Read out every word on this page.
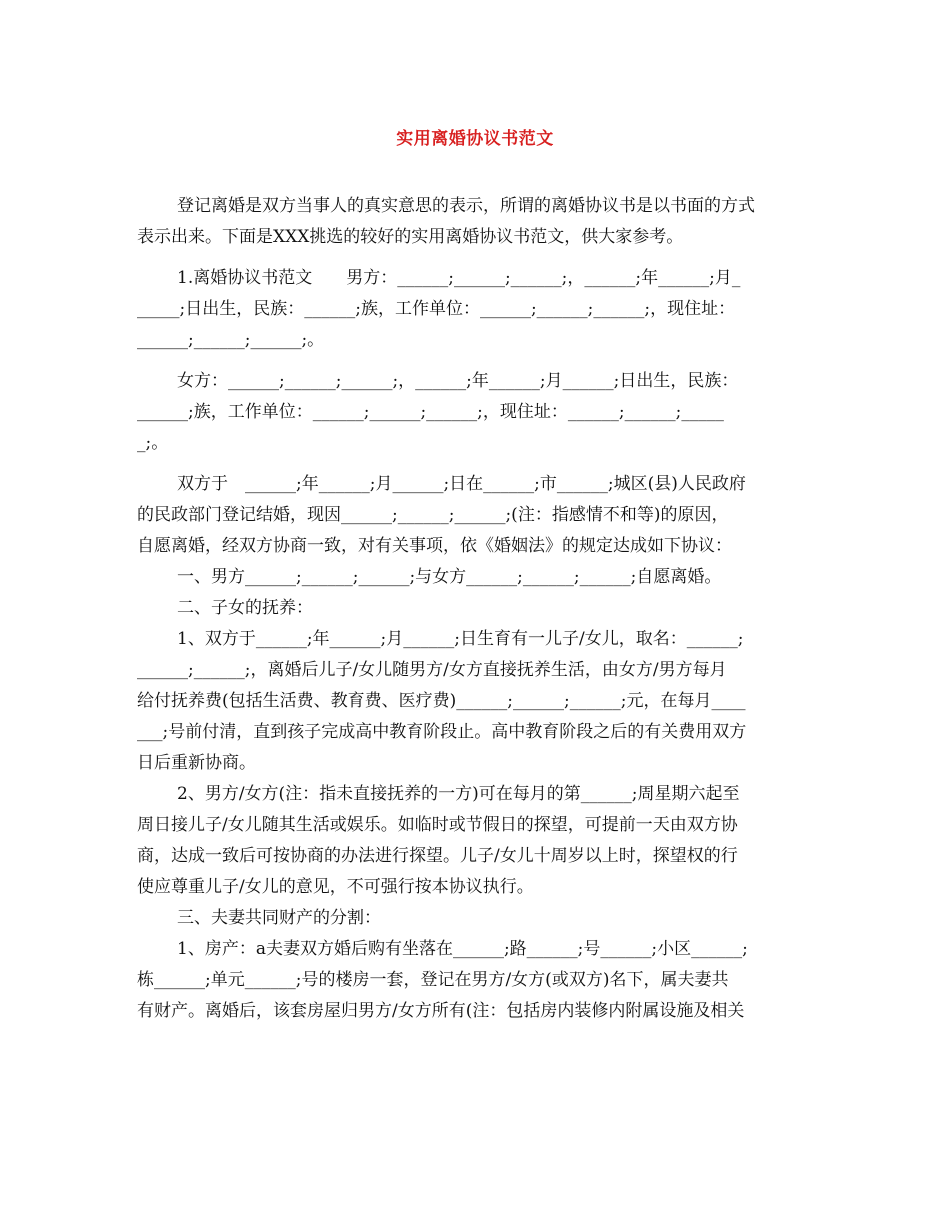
实用离婚协议书范文
登记离婚是双方当事人的真实意思的表示，所谓的离婚协议书是以书面的方式
表示出来。下面是XXX挑选的较好的实用离婚协议书范文，供大家参考。
1.离婚协议书范文　　男方：______;______;______;，______;年______;月_
_____;日出生，民族：______;族，工作单位：______;______;______;，现住址：
______;______;______;。
女方：______;______;______;，______;年______;月______;日出生，民族：
______;族，工作单位：______;______;______;，现住址：______;______;_____
_;。
双方于　______;年______;月______;日在______;市______;城区(县)人民政府
的民政部门登记结婚，现因______;______;______;(注：指感情不和等)的原因，
自愿离婚，经双方协商一致，对有关事项，依《婚姻法》的规定达成如下协议：
一、男方______;______;______;与女方______;______;______;自愿离婚。
二、子女的抚养：
1、双方于______;年______;月______;日生育有一儿子/女儿，取名：______;
______;______;，离婚后儿子/女儿随男方/女方直接抚养生活，由女方/男方每月
给付抚养费(包括生活费、教育费、医疗费)______;______;______;元，在每月____
___;号前付清，直到孩子完成高中教育阶段止。高中教育阶段之后的有关费用双方
日后重新协商。
2、男方/女方(注：指未直接抚养的一方)可在每月的第______;周星期六起至
周日接儿子/女儿随其生活或娱乐。如临时或节假日的探望，可提前一天由双方协
商，达成一致后可按协商的办法进行探望。儿子/女儿十周岁以上时，探望权的行
使应尊重儿子/女儿的意见，不可强行按本协议执行。
三、夫妻共同财产的分割：
1、房产：a夫妻双方婚后购有坐落在______;路______;号______;小区______;
栋______;单元______;号的楼房一套，登记在男方/女方(或双方)名下，属夫妻共
有财产。离婚后，该套房屋归男方/女方所有(注：包括房内装修内附属设施及相关
